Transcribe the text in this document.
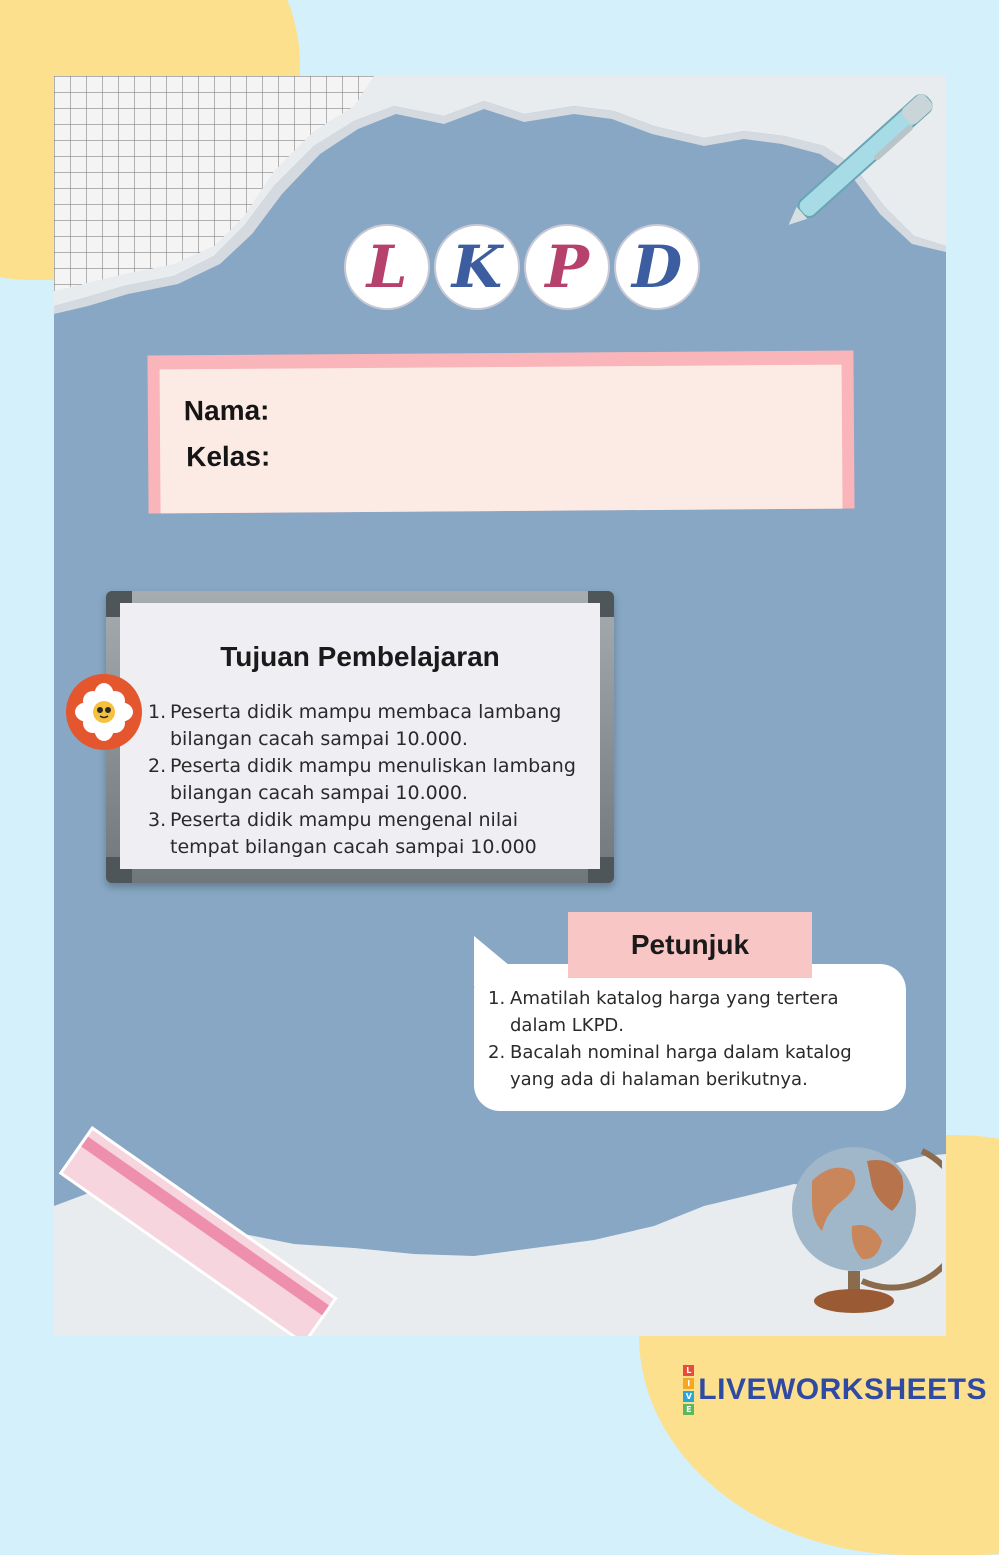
L K P D
Nama:
Kelas:
Tujuan Pembelajaran
1. Peserta didik mampu membaca lambang bilangan cacah sampai 10.000.
2. Peserta didik mampu menuliskan lambang bilangan cacah sampai 10.000.
3. Peserta didik mampu mengenal nilai tempat bilangan cacah sampai 10.000
Petunjuk
1. Amatilah katalog harga yang tertera dalam LKPD.
2. Bacalah nominal harga dalam katalog yang ada di halaman berikutnya.
L
I
V
E
LIVEWORKSHEETS
